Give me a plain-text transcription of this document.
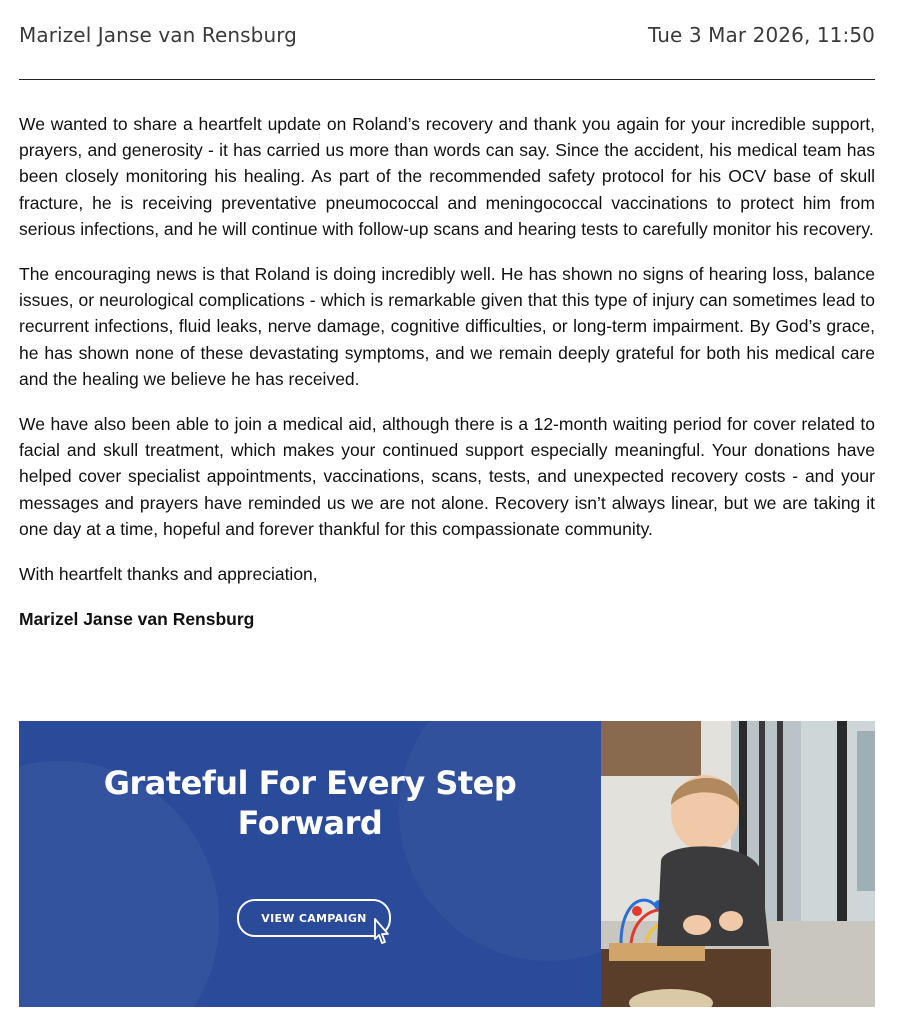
Marizel Janse van Rensburg	Tue 3 Mar 2026, 11:50

We wanted to share a heartfelt update on Roland’s recovery and thank you again for your incredible support, prayers, and generosity - it has carried us more than words can say. Since the accident, his medical team has been closely monitoring his healing. As part of the recommended safety protocol for his OCV base of skull fracture, he is receiving preventative pneumococcal and meningococcal vaccinations to protect him from serious infections, and he will continue with follow-up scans and hearing tests to carefully monitor his recovery.

The encouraging news is that Roland is doing incredibly well. He has shown no signs of hearing loss, balance issues, or neurological complications - which is remarkable given that this type of injury can sometimes lead to recurrent infections, fluid leaks, nerve damage, cognitive difficulties, or long-term impairment. By God’s grace, he has shown none of these devastating symptoms, and we remain deeply grateful for both his medical care and the healing we believe he has received.

We have also been able to join a medical aid, although there is a 12-month waiting period for cover related to facial and skull treatment, which makes your continued support especially meaningful. Your donations have helped cover specialist appointments, vaccinations, scans, tests, and unexpected recovery costs - and your messages and prayers have reminded us we are not alone. Recovery isn’t always linear, but we are taking it one day at a time, hopeful and forever thankful for this compassionate community.

With heartfelt thanks and appreciation,

Marizel Janse van Rensburg

Grateful For Every Step Forward
VIEW CAMPAIGN
